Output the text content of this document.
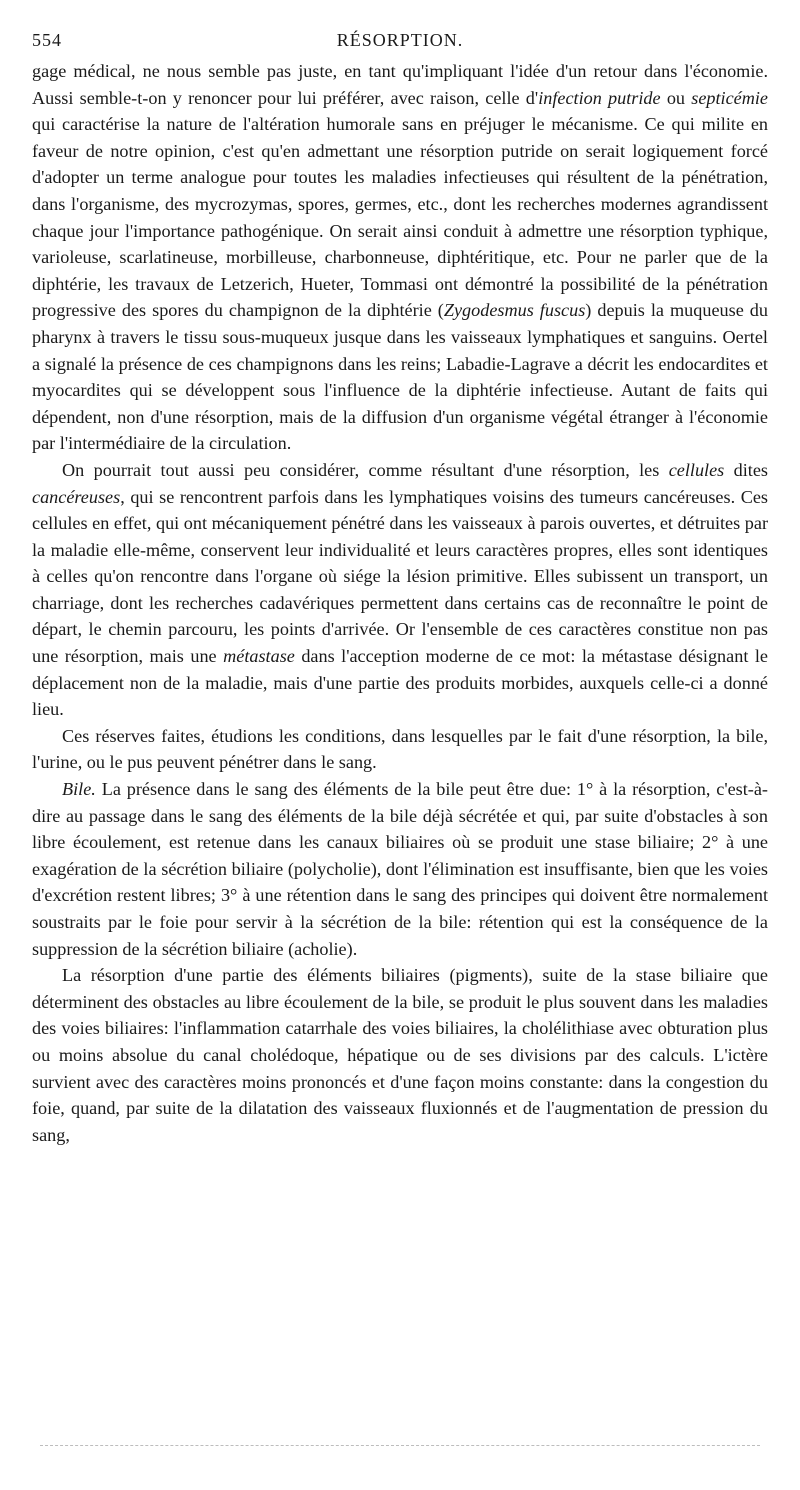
554	RÉSORPTION.

gage médical, ne nous semble pas juste, en tant qu'impliquant l'idée d'un retour dans l'économie. Aussi semble-t-on y renoncer pour lui préférer, avec raison, celle d'infection putride ou septicémie qui caractérise la nature de l'altération humorale sans en préjuger le mécanisme. Ce qui milite en faveur de notre opinion, c'est qu'en admettant une résorption putride on serait logiquement forcé d'adopter un terme analogue pour toutes les maladies infectieuses qui résultent de la pénétration, dans l'organisme, des mycrozymas, spores, germes, etc., dont les recherches modernes agrandissent chaque jour l'importance pathogénique. On serait ainsi conduit à admettre une résorption typhique, varioleuse, scarlatineuse, morbilleuse, charbonneuse, diphtéritique, etc. Pour ne parler que de la diphtérie, les travaux de Letzerich, Hueter, Tommasi ont démontré la possibilité de la pénétration progressive des spores du champignon de la diphtérie (Zygodesmus fuscus) depuis la muqueuse du pharynx à travers le tissu sous-muqueux jusque dans les vaisseaux lymphatiques et sanguins. Oertel a signalé la présence de ces champignons dans les reins; Labadie-Lagrave a décrit les endocardites et myocardites qui se développent sous l'influence de la diphtérie infectieuse. Autant de faits qui dépendent, non d'une résorption, mais de la diffusion d'un organisme végétal étranger à l'économie par l'intermédiaire de la circulation.

On pourrait tout aussi peu considérer, comme résultant d'une résorption, les cellules dites cancéreuses, qui se rencontrent parfois dans les lymphatiques voisins des tumeurs cancéreuses. Ces cellules en effet, qui ont mécaniquement pénétré dans les vaisseaux à parois ouvertes, et détruites par la maladie elle-même, conservent leur individualité et leurs caractères propres, elles sont identiques à celles qu'on rencontre dans l'organe où siége la lésion primitive. Elles subissent un transport, un charriage, dont les recherches cadavériques permettent dans certains cas de reconnaître le point de départ, le chemin parcouru, les points d'arrivée. Or l'ensemble de ces caractères constitue non pas une résorption, mais une métastase dans l'acception moderne de ce mot: la métastase désignant le déplacement non de la maladie, mais d'une partie des produits morbides, auxquels celle-ci a donné lieu.

Ces réserves faites, étudions les conditions, dans lesquelles par le fait d'une résorption, la bile, l'urine, ou le pus peuvent pénétrer dans le sang.

Bile. La présence dans le sang des éléments de la bile peut être due: 1° à la résorption, c'est-à-dire au passage dans le sang des éléments de la bile déjà sécrétée et qui, par suite d'obstacles à son libre écoulement, est retenue dans les canaux biliaires où se produit une stase biliaire; 2° à une exagération de la sécrétion biliaire (polycholie), dont l'élimination est insuffisante, bien que les voies d'excrétion restent libres; 3° à une rétention dans le sang des principes qui doivent être normalement soustraits par le foie pour servir à la sécrétion de la bile: rétention qui est la conséquence de la suppression de la sécrétion biliaire (acholie).

La résorption d'une partie des éléments biliaires (pigments), suite de la stase biliaire que déterminent des obstacles au libre écoulement de la bile, se produit le plus souvent dans les maladies des voies biliaires: l'inflammation catarrhale des voies biliaires, la cholélithiase avec obturation plus ou moins absolue du canal cholédoque, hépatique ou de ses divisions par des calculs. L'ictère survient avec des caractères moins prononcés et d'une façon moins constante: dans la congestion du foie, quand, par suite de la dilatation des vaisseaux fluxionnés et de l'augmentation de pression du sang,
